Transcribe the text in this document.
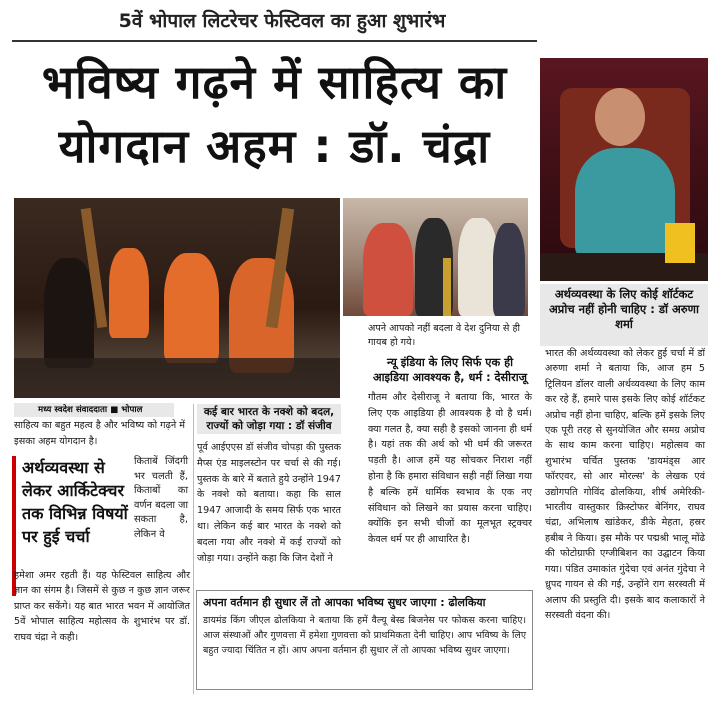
5वें भोपाल लिटरेचर फेस्टिवल का हुआ शुभारंभ
भविष्य गढ़ने में साहित्य का
योगदान अहम : डॉ. चंद्रा
अर्थव्यवस्था के लिए कोई शॉर्टकट अप्रोच नहीं होनी चाहिए : डॉ अरुणा शर्मा
भारत की अर्थव्यवस्था को लेकर हुई चर्चा में डॉ अरुणा शर्मा ने बताया कि, आज हम 5 ट्रिलियन डॉलर वाली अर्थव्यवस्था के लिए काम कर रहे हैं, हमारे पास इसके लिए कोई शॉर्टकट अप्रोच नहीं होना चाहिए, बल्कि हमें इसके लिए एक पूरी तरह से सुनयोजित और समग्र अप्रोच के साथ काम करना चाहिए। महोत्सव का शुभारंभ चर्चित पुस्तक 'डायमंड्स आर फॉरएवर, सो आर मोरल्स' के लेखक एवं उद्योगपति गोविंद ढोलकिया, शीर्ष अमेरिकी-भारतीय वास्तुकार क्रिस्टोफर बेनिंगर, राघव चंद्रा, अभिलाष खांडेकर, डीके मेहता, हस्रर हबीब ने किया। इस मौके पर पद्मश्री भालू मोंढे की फोटोग्राफी एग्जीबिशन का उद्घाटन किया गया। पंडित उमाकांत गुंदेचा एवं अनंत गुंदेचा ने ध्रुपद गायन से की गई, उन्होंने राग सरस्वती में अलाप की प्रस्तुति दी। इसके बाद कलाकारों ने सरस्वती वंदना की।
मध्य स्वदेश संवाददाता ■ भोपाल
साहित्य का बहुत महत्व है और भविष्य को गढ़ने में इसका अहम योगदान है।
अर्थव्यवस्था से लेकर आर्किटेक्चर तक विभिन्न विषयों पर हुई चर्चा
किताबें जिंदगी भर चलती हैं, किताबों का वर्णन बदला जा सकता है, लेकिन वे
हमेशा अमर रहती हैं। यह फेस्टिवल साहित्य और ज्ञान का संगम है। जिसमें से कुछ न कुछ ज्ञान जरूर प्राप्त कर सकेंगे। यह बात भारत भवन में आयोजित 5वें भोपाल साहित्य महोत्सव के शुभारंभ पर डॉ. राघव चंद्रा ने कही।
कई बार भारत के नक्शे को बदल, राज्यों को जोड़ा गया : डॉ संजीव
पूर्व आईएएस डॉ संजीव चोपड़ा की पुस्तक मैप्स एंड माइलस्टोन पर चर्चा से की गई। पुस्तक के बारे में बताते हुये उन्होंने 1947 के नक्शे को बताया। कहा कि साल 1947 आजादी के समय सिर्फ एक भारत था। लेकिन कई बार भारत के नक्शे को बदला गया और नक्शे में कई राज्यों को जोड़ा गया। उन्होंने कहा कि जिन देशों ने
अपने आपको नहीं बदला वे देश दुनिया से ही गायब हो गये।
न्यू इंडिया के लिए सिर्फ एक ही आइडिया आवश्यक है, धर्म : देसीराजू
गौतम और देसीराजू ने बताया कि, भारत के लिए एक आइडिया ही आवश्यक है वो है धर्म। क्या गलत है, क्या सही है इसको जानना ही धर्म है। यहां तक की अर्थ को भी धर्म की जरूरत पड़ती है। आज हमें यह सोचकर निराश नहीं होना है कि हमारा संविधान सही नहीं लिखा गया है बल्कि हमें धार्मिक स्वभाव के एक नए संविधान को लिखने का प्रयास करना चाहिए। क्योंकि इन सभी चीजों का मूलभूत स्ट्रक्चर केवल धर्म पर ही आधारित है।
अपना वर्तमान ही सुधार लें तो आपका भविष्य सुधर जाएगा : ढोलकिया
डायमंड किंग जीएल ढोलकिया ने बताया कि हमें वैल्यू बेस्ड बिजनेस पर फोकस करना चाहिए। आज संस्थाओं और गुणवत्ता में हमेशा गुणवत्ता को प्राथमिकता देनी चाहिए। आप भविष्य के लिए बहुत ज्यादा चिंतित न हों। आप अपना वर्तमान ही सुधार लें तो आपका भविष्य सुधर जाएगा।
